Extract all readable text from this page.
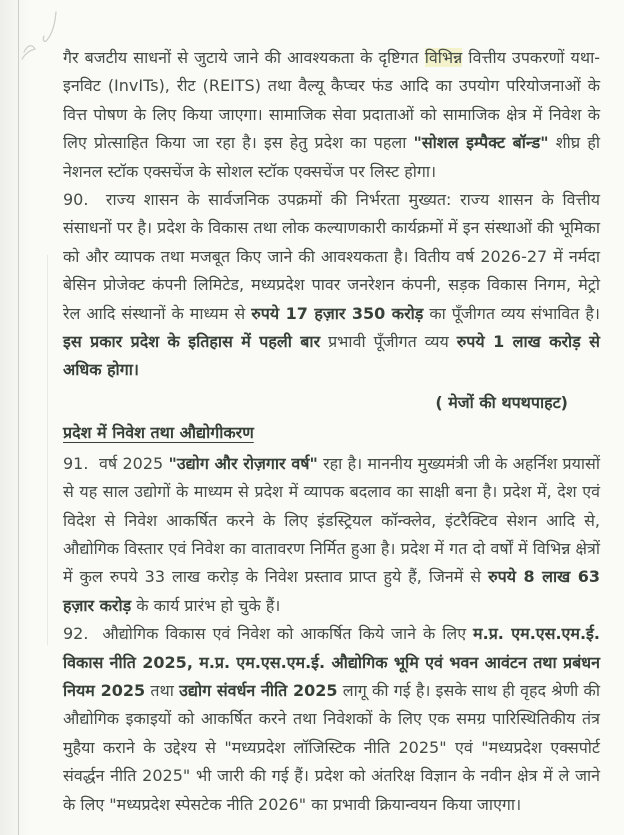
गैर बजटीय साधनों से जुटाये जाने की आवश्यकता के दृष्टिगत विभिन्न वित्तीय उपकरणों यथा-इनविट (InvITs), रीट (REITS) तथा वैल्यू कैप्चर फंड आदि का उपयोग परियोजनाओं के वित्त पोषण के लिए किया जाएगा। सामाजिक सेवा प्रदाताओं को सामाजिक क्षेत्र में निवेश के लिए प्रोत्साहित किया जा रहा है। इस हेतु प्रदेश का पहला "सोशल इम्पैक्ट बॉन्ड" शीघ्र ही नेशनल स्टॉक एक्सचेंज के सोशल स्टॉक एक्सचेंज पर लिस्ट होगा।

90.  राज्य शासन के सार्वजनिक उपक्रमों की निर्भरता मुख्यत: राज्य शासन के वित्तीय संसाधनों पर है। प्रदेश के विकास तथा लोक कल्याणकारी कार्यक्रमों में इन संस्थाओं की भूमिका को और व्यापक तथा मजबूत किए जाने की आवश्यकता है। वितीय वर्ष 2026-27 में नर्मदा बेसिन प्रोजेक्ट कंपनी लिमिटेड, मध्यप्रदेश पावर जनरेशन कंपनी, सड़क विकास निगम, मेट्रो रेल आदि संस्थानों के माध्यम से रुपये 17 हज़ार 350 करोड़ का पूँजीगत व्यय संभावित है। इस प्रकार प्रदेश के इतिहास में पहली बार प्रभावी पूँजीगत व्यय रुपये 1 लाख करोड़ से अधिक होगा।

( मेजों की थपथपाहट)
प्रदेश में निवेश तथा औद्योगीकरण

91.  वर्ष 2025 "उद्योग और रोज़गार वर्ष" रहा है। माननीय मुख्यमंत्री जी के अहर्निश प्रयासों से यह साल उद्योगों के माध्यम से प्रदेश में व्यापक बदलाव का साक्षी बना है। प्रदेश में, देश एवं विदेश से निवेश आकर्षित करने के लिए इंडस्ट्रियल कॉन्क्लेव, इंटरैक्टिव सेशन आदि से, औद्योगिक विस्तार एवं निवेश का वातावरण निर्मित हुआ है। प्रदेश में गत दो वर्षों में विभिन्न क्षेत्रों में कुल रुपये 33 लाख करोड़ के निवेश प्रस्ताव प्राप्त हुये हैं, जिनमें से रुपये 8 लाख 63 हज़ार करोड़ के कार्य प्रारंभ हो चुके हैं।

92.  औद्योगिक विकास एवं निवेश को आकर्षित किये जाने के लिए म.प्र. एम.एस.एम.ई. विकास नीति 2025, म.प्र. एम.एस.एम.ई. औद्योगिक भूमि एवं भवन आवंटन तथा प्रबंधन नियम 2025 तथा उद्योग संवर्धन नीति 2025 लागू की गई है। इसके साथ ही वृहद श्रेणी की औद्योगिक इकाइयों को आकर्षित करने तथा निवेशकों के लिए एक समग्र पारिस्थितिकीय तंत्र मुहैया कराने के उद्देश्य से "मध्यप्रदेश लॉजिस्टिक नीति 2025" एवं "मध्यप्रदेश एक्सपोर्ट संवर्द्धन नीति 2025" भी जारी की गई हैं। प्रदेश को अंतरिक्ष विज्ञान के नवीन क्षेत्र में ले जाने के लिए "मध्यप्रदेश स्पेसटेक नीति 2026" का प्रभावी क्रियान्वयन किया जाएगा।
